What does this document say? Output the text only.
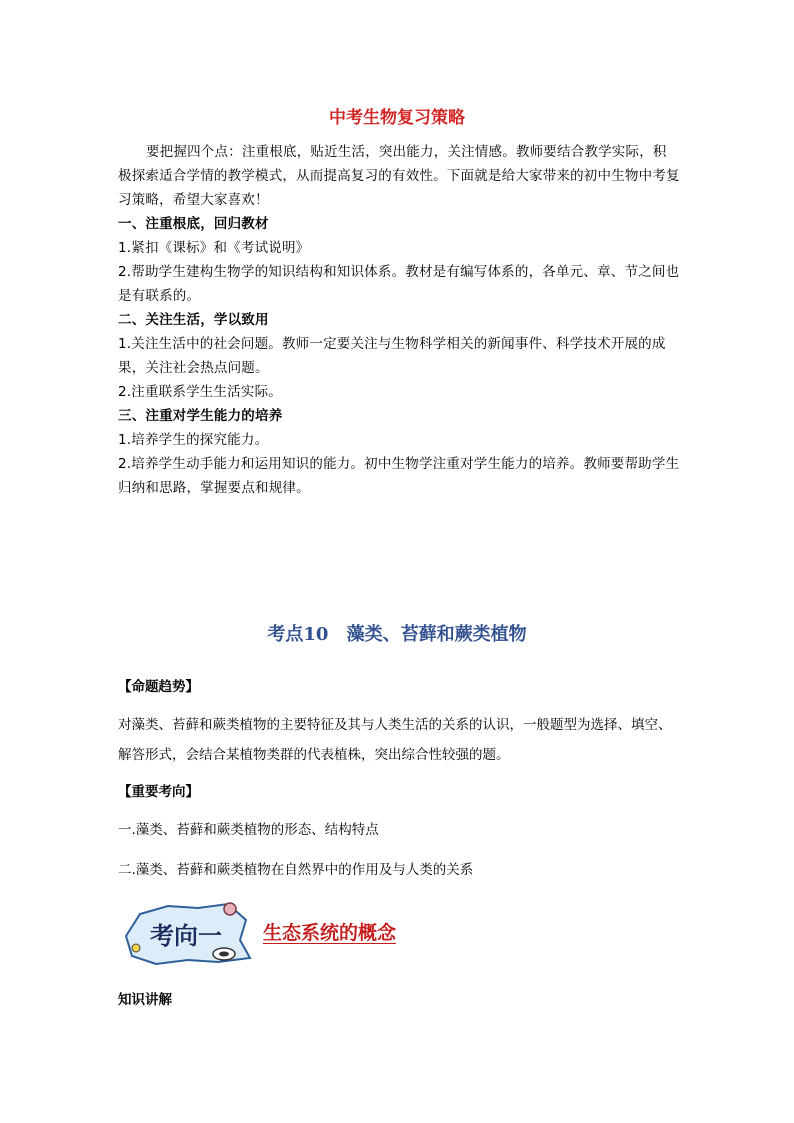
中考生物复习策略

要把握四个点：注重根底，贴近生活，突出能力，关注情感。教师要结合教学实际，积极探索适合学情的教学模式，从而提高复习的有效性。下面就是给大家带来的初中生物中考复习策略，希望大家喜欢！

一、注重根底，回归教材

1.紧扣《课标》和《考试说明》

2.帮助学生建构生物学的知识结构和知识体系。教材是有编写体系的，各单元、章、节之间也是有联系的。

二、关注生活，学以致用

1.关注生活中的社会问题。教师一定要关注与生物科学相关的新闻事件、科学技术开展的成果，关注社会热点问题。

2.注重联系学生生活实际。

三、注重对学生能力的培养

1.培养学生的探究能力。

2.培养学生动手能力和运用知识的能力。初中生物学注重对学生能力的培养。教师要帮助学生归纳和思路，掌握要点和规律。

考点10 藻类、苔藓和蕨类植物
【命题趋势】
对藻类、苔藓和蕨类植物的主要特征及其与人类生活的关系的认识，一般题型为选择、填空、解答形式，会结合某植物类群的代表植株，突出综合性较强的题。
【重要考向】
一.藻类、苔藓和蕨类植物的形态、结构特点
二.藻类、苔藓和蕨类植物在自然界中的作用及与人类的关系
考向一 生态系统的概念
知识讲解
